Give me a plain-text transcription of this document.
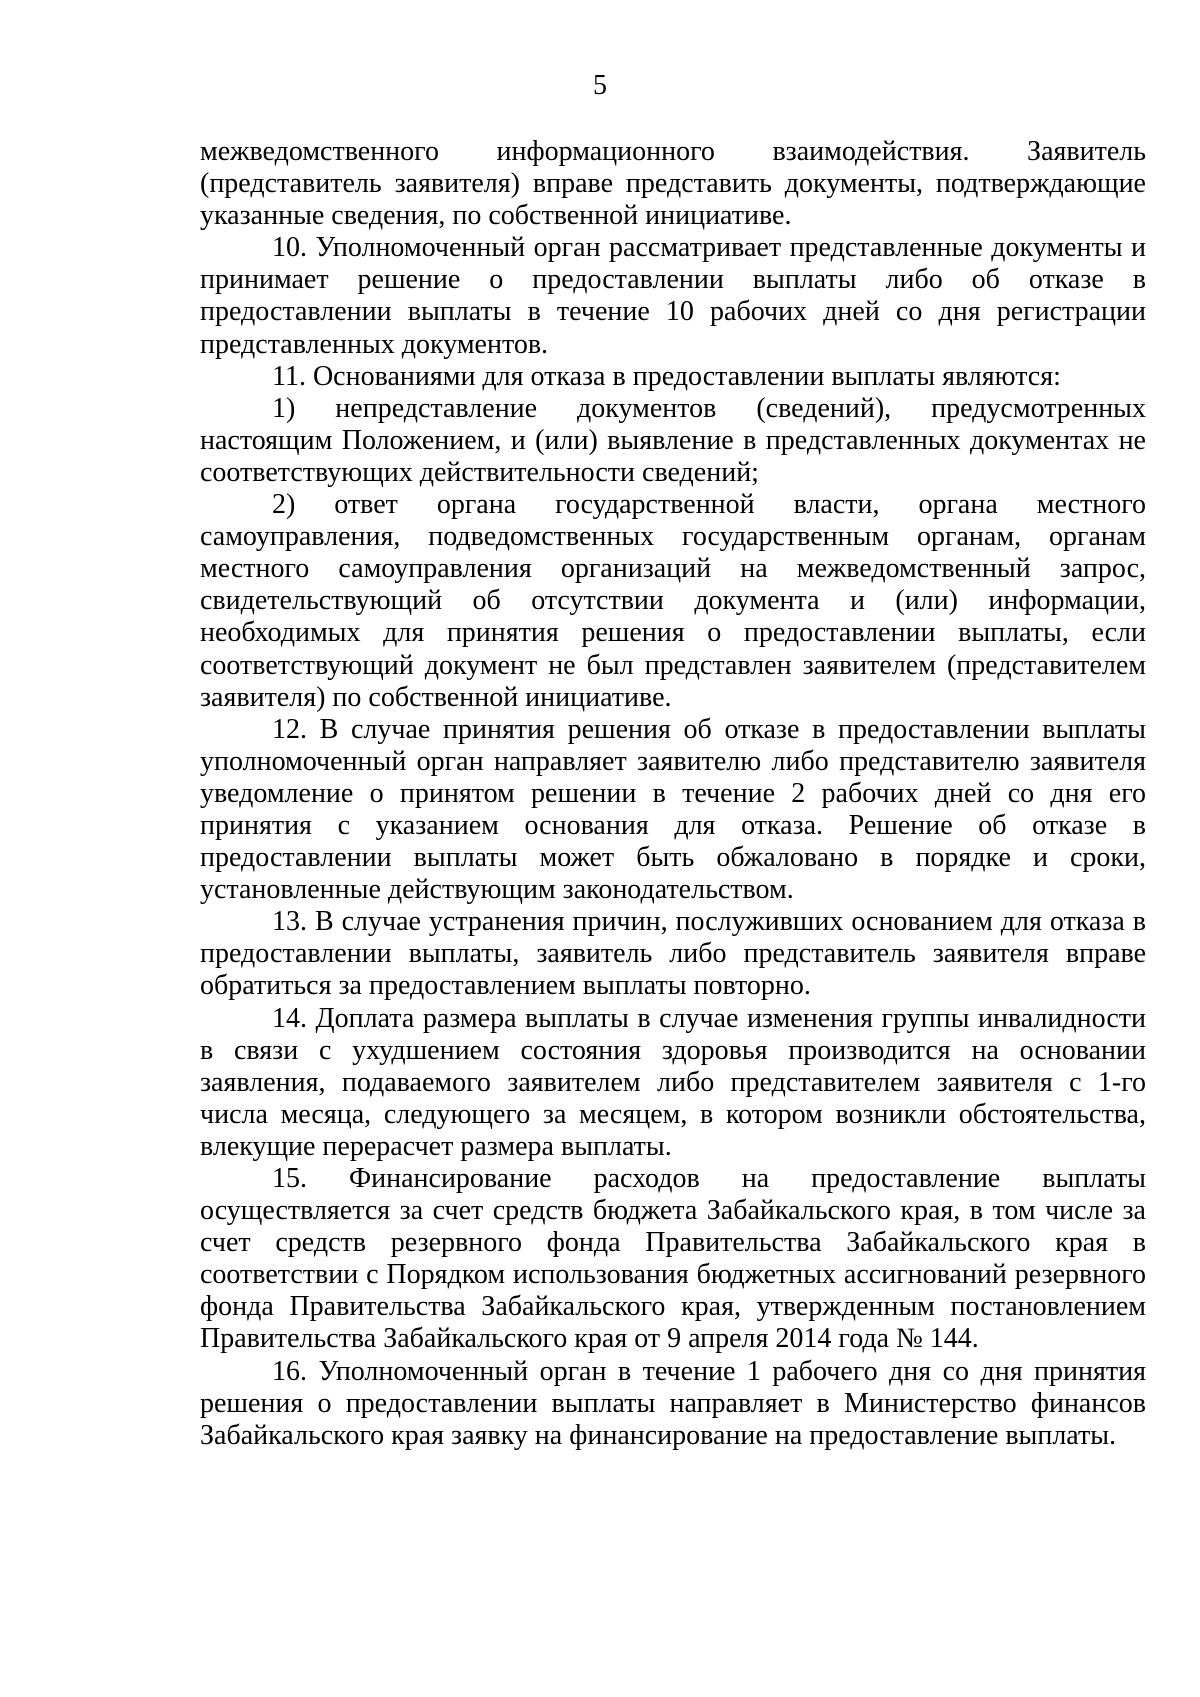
5

межведомственного информационного взаимодействия. Заявитель (представитель заявителя) вправе представить документы, подтверждающие указанные сведения, по собственной инициативе.

10. Уполномоченный орган рассматривает представленные документы и принимает решение о предоставлении выплаты либо об отказе в предоставлении выплаты в течение 10 рабочих дней со дня регистрации представленных документов.

11. Основаниями для отказа в предоставлении выплаты являются:

1) непредставление документов (сведений), предусмотренных настоящим Положением, и (или) выявление в представленных документах не соответствующих действительности сведений;

2) ответ органа государственной власти, органа местного самоуправления, подведомственных государственным органам, органам местного самоуправления организаций на межведомственный запрос, свидетельствующий об отсутствии документа и (или) информации, необходимых для принятия решения о предоставлении выплаты, если соответствующий документ не был представлен заявителем (представителем заявителя) по собственной инициативе.

12. В случае принятия решения об отказе в предоставлении выплаты уполномоченный орган направляет заявителю либо представителю заявителя уведомление о принятом решении в течение 2 рабочих дней со дня его принятия с указанием основания для отказа. Решение об отказе в предоставлении выплаты может быть обжаловано в порядке и сроки, установленные действующим законодательством.

13. В случае устранения причин, послуживших основанием для отказа в предоставлении выплаты, заявитель либо представитель заявителя вправе обратиться за предоставлением выплаты повторно.

14. Доплата размера выплаты в случае изменения группы инвалидности в связи с ухудшением состояния здоровья производится на основании заявления, подаваемого заявителем либо представителем заявителя с 1-го числа месяца, следующего за месяцем, в котором возникли обстоятельства, влекущие перерасчет размера выплаты.

15. Финансирование расходов на предоставление выплаты осуществляется за счет средств бюджета Забайкальского края, в том числе за счет средств резервного фонда Правительства Забайкальского края в соответствии с Порядком использования бюджетных ассигнований резервного фонда Правительства Забайкальского края, утвержденным постановлением Правительства Забайкальского края от 9 апреля 2014 года № 144.

16. Уполномоченный орган в течение 1 рабочего дня со дня принятия решения о предоставлении выплаты направляет в Министерство финансов Забайкальского края заявку на финансирование на предоставление выплаты.
